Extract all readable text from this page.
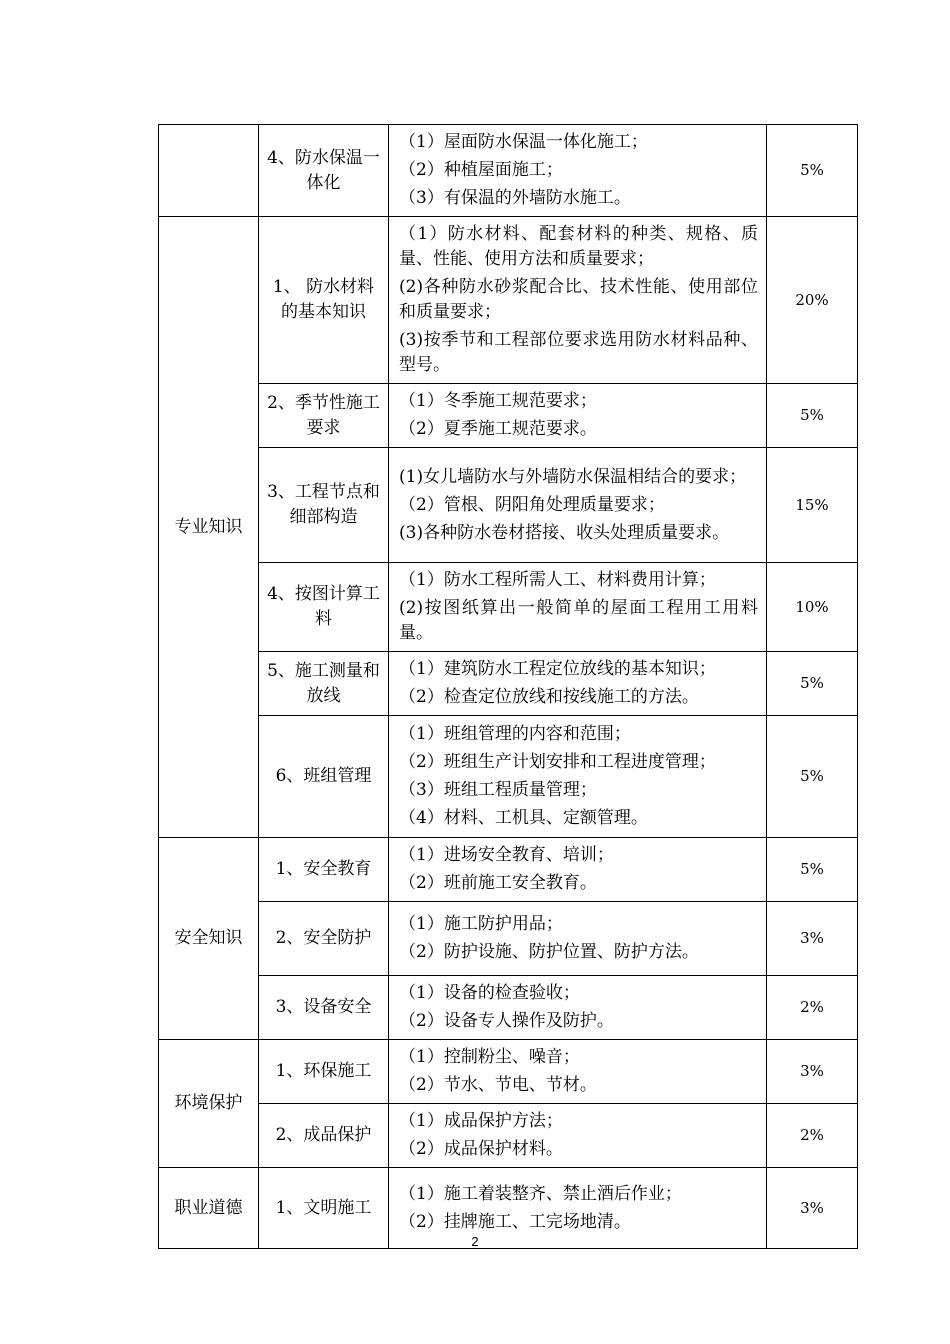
	4、防水保温一体化	（1）屋面防水保温一体化施工；
（2）种植屋面施工；
（3）有保温的外墙防水施工。	5%
专业知识	1、 防水材料的基本知识	（1）防水材料、配套材料的种类、规格、质量、性能、使用方法和质量要求；
(2)各种防水砂浆配合比、技术性能、使用部位和质量要求；
(3)按季节和工程部位要求选用防水材料品种、型号。	20%
	2、季节性施工要求	（1）冬季施工规范要求；
（2）夏季施工规范要求。	5%
	3、工程节点和细部构造	(1)女儿墙防水与外墙防水保温相结合的要求；
（2）管根、阴阳角处理质量要求；
(3)各种防水卷材搭接、收头处理质量要求。	15%
	4、按图计算工料	（1）防水工程所需人工、材料费用计算；
(2)按图纸算出一般简单的屋面工程用工用料量。	10%
	5、施工测量和放线	（1）建筑防水工程定位放线的基本知识；
（2）检查定位放线和按线施工的方法。	5%
	6、班组管理	（1）班组管理的内容和范围；
（2）班组生产计划安排和工程进度管理；
（3）班组工程质量管理；
（4）材料、工机具、定额管理。	5%
安全知识	1、安全教育	（1）进场安全教育、培训；
（2）班前施工安全教育。	5%
	2、安全防护	（1）施工防护用品；
（2）防护设施、防护位置、防护方法。	3%
	3、设备安全	（1）设备的检查验收；
（2）设备专人操作及防护。	2%
环境保护	1、环保施工	（1）控制粉尘、噪音；
（2）节水、节电、节材。	3%
	2、成品保护	（1）成品保护方法；
（2）成品保护材料。	2%
职业道德	1、文明施工	（1）施工着装整齐、禁止酒后作业；
（2）挂牌施工、工完场地清。	3%
2
